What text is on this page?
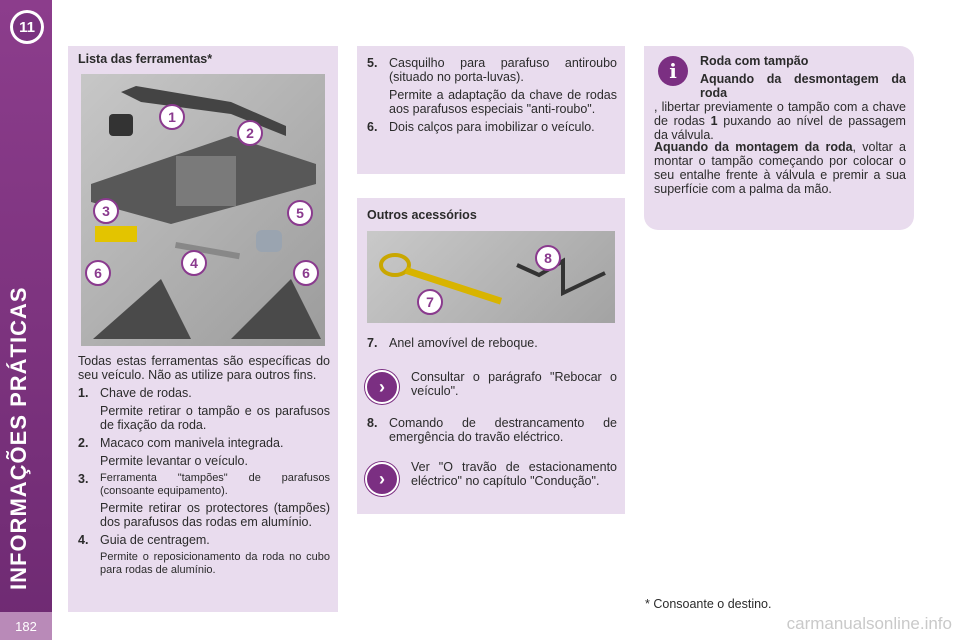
11
INFORMAÇÕES PRÁTICAS
182
Lista das ferramentas*
1
2
3
4
5
6	6
Todas estas ferramentas são específicas do seu veículo. Não as utilize para outros fins.
1. Chave de rodas.
Permite retirar o tampão e os parafusos de fixação da roda.
2. Macaco com manivela integrada.
Permite levantar o veículo.
3.	Ferramenta "tampões" de parafusos (consoante equipamento).
Permite retirar os protectores (tampões) dos parafusos das rodas em alumínio.
4. Guia de centragem.
Permite o reposicionamento da roda no cubo para rodas de alumínio.
5. Casquilho para parafuso antiroubo (situado no porta-luvas).
Permite a adaptação da chave de rodas aos parafusos especiais "anti-roubo".
6. Dois calços para imobilizar o veículo.
Outros acessórios
7
8
7. Anel amovível de reboque.
›	Consultar o parágrafo "Rebocar o veículo".
8. Comando de destrancamento de emergência do travão eléctrico.
›
Ver "O travão de estacionamento eléctrico" no capítulo "Condução".
i	Roda com tampão
Aquando da desmontagem da roda
, libertar previamente o tampão com a chave de rodas 1 puxando ao nível de passagem da válvula.
Aquando da montagem da roda, voltar a montar o tampão começando por colocar o seu entalhe frente à válvula e premir a sua superfície com a palma da mão.
* Consoante o destino.
carmanualsonline.info
